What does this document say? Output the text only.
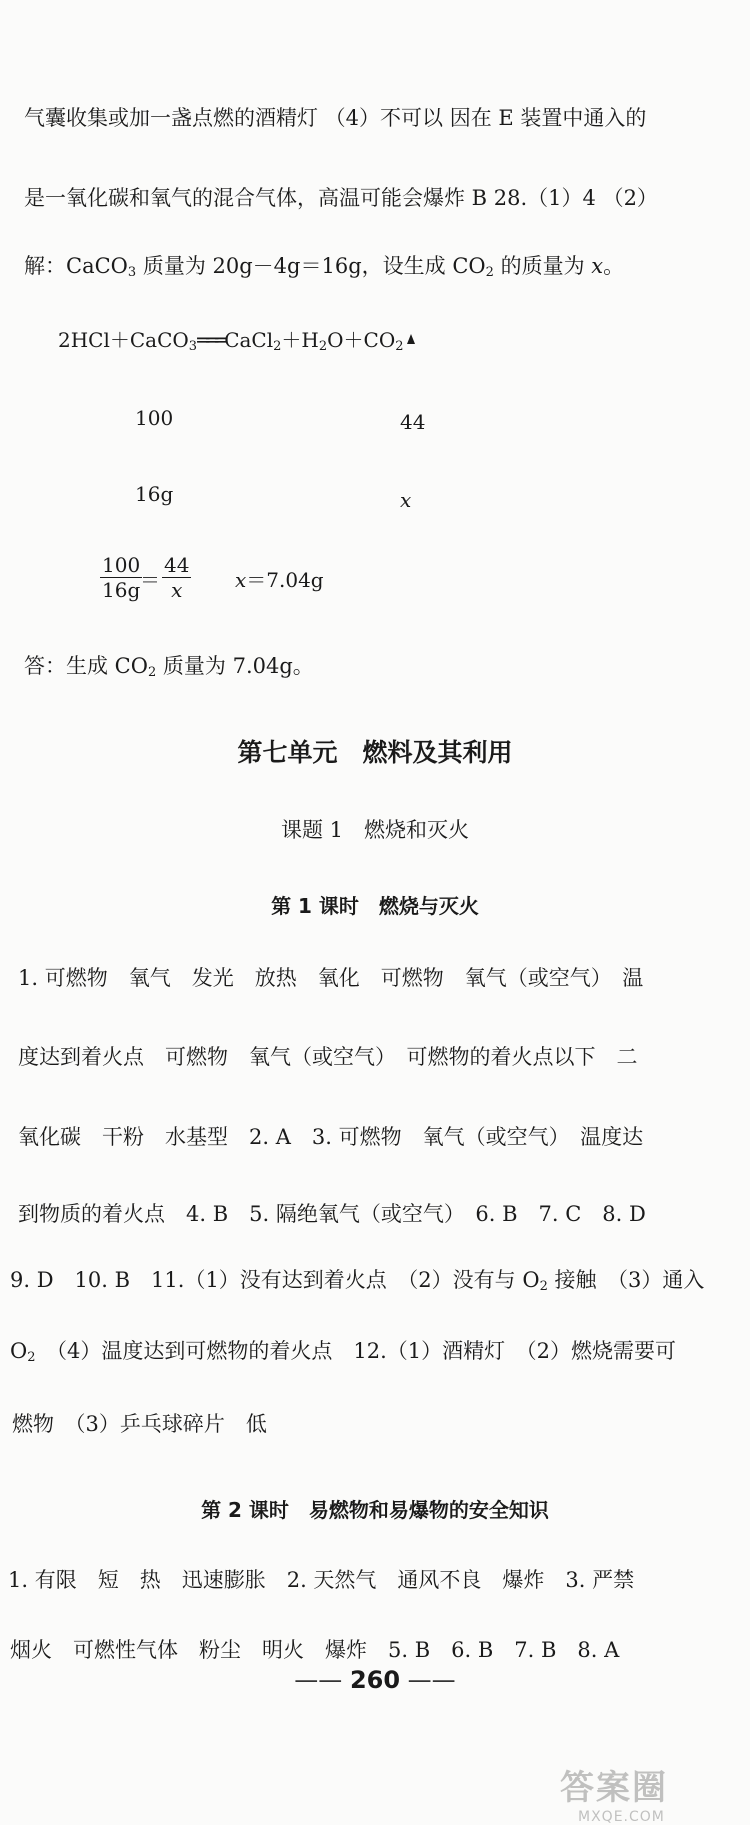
气囊收集或加一盏点燃的酒精灯 （4）不可以 因在 E 装置中通入的
是一氧化碳和氧气的混合气体，高温可能会爆炸 B 28.（1）4 （2）
解：CaCO$_3$ 质量为 20g－4g＝16g，设生成 $CO_2$ 的质量为 x。
$2HCl+CaCO_3═══CaCl_2+H_2O+CO_2$
100	44
16g	x
$\frac{100}{16g}$
＝ $\frac{44}{x} x=7.04g$
答：生成 $CO_2$ 质量为 7.04g。
第七单元　燃料及其利用
课题 1　燃烧和灭火
第 1 课时　燃烧与灭火
1. 可燃物　氧气　发光　放热　氧化　可燃物　氧气（或空气）　温
度达到着火点　可燃物　氧气（或空气）　可燃物的着火点以下　二
氧化碳　干粉　水基型　2. A　3. 可燃物　氧气（或空气）　温度达
到物质的着火点　4. B　5. 隔绝氧气（或空气）　6. B　7. C　8. D
9. D　10. B　11.（1）没有达到着火点　（2）没有与 $O_2$ 接触　（3）通入
$O_2$　（4）温度达到可燃物的着火点　12.（1）酒精灯　（2）燃烧需要可
燃物　（3）乒乓球碎片　低
第 2 课时　易燃物和易爆物的安全知识
1. 有限　短　热　迅速膨胀　2. 天然气　通风不良　爆炸　3. 严禁
烟火　可燃性气体　粉尘　明火　爆炸　5. B　6. B　7. B　8. A
—— 260 ——
答案圈
MXQE.COM
